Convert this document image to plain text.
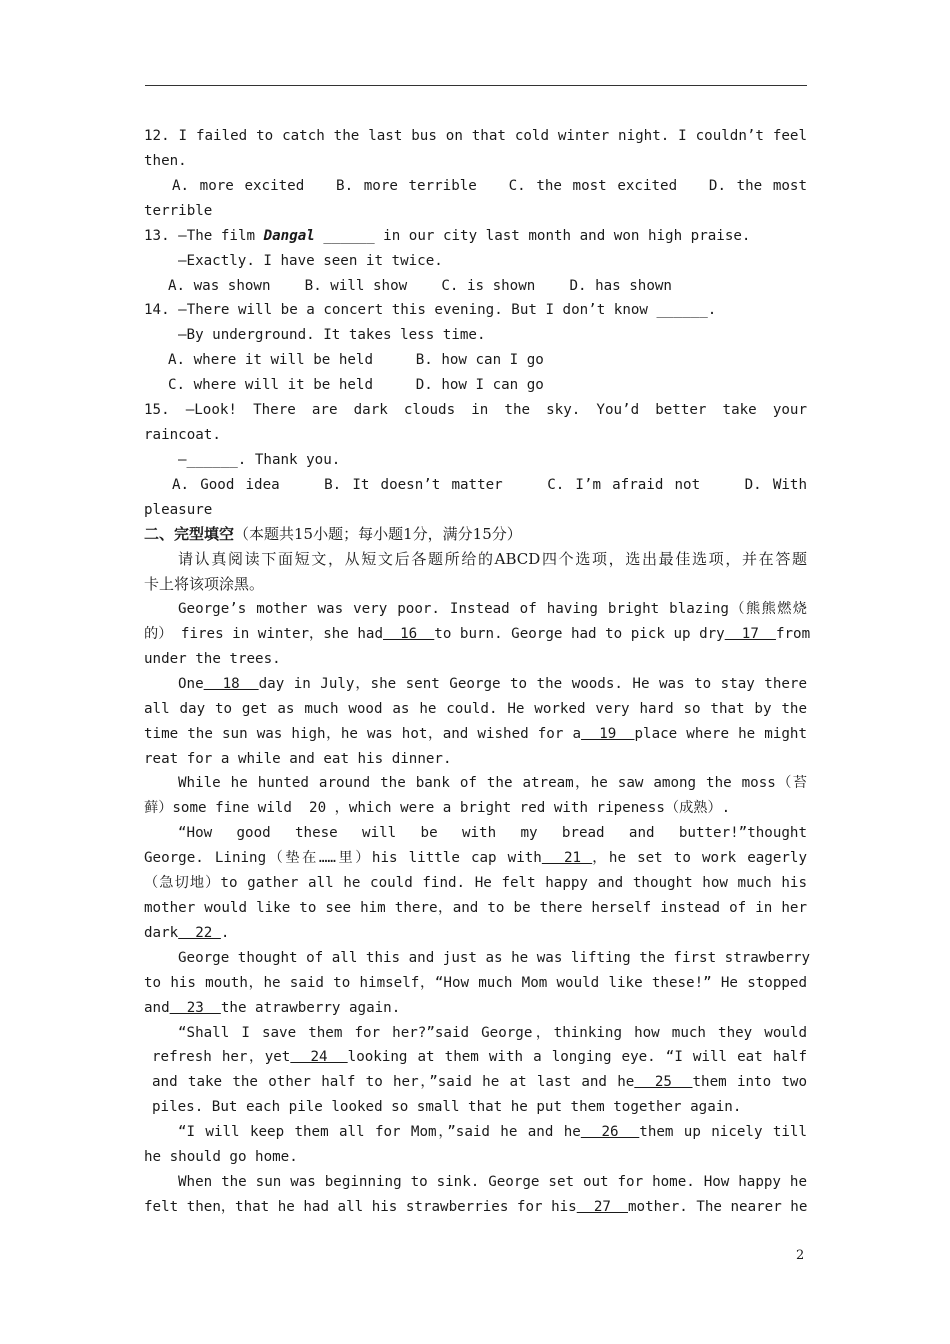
12. I failed to catch the last bus on that cold winter night. I couldn’t feel
then.
A. more excited   B. more terrible   C. the most excited   D. the most
terrible
13. —The film Dangal ______ in our city last month and won high praise.
—Exactly. I have seen it twice.
A. was shown    B. will show    C. is shown    D. has shown
14. —There will be a concert this evening. But I don’t know ______.
—By underground. It takes less time.
A. where it will be held     B. how can I go
C. where will it be held     D. how I can go
15. —Look! There are dark clouds in the sky. You’d better take your
raincoat.
—______. Thank you.
A. Good idea    B. It doesn’t matter    C. I’m afraid not    D. With
pleasure
二、完型填空（本题共15小题；每小题1分，满分15分）
请认真阅读下面短文，从短文后各题所给的ABCD四个选项，选出最佳选项，并在答题
卡上将该项涂黑。
George’s mother was very poor. Instead of having bright blazing（熊熊燃烧
的） fires in winter，she had  16  to burn. George had to pick up dry  17  from
under the trees.
One  18  day in July，she sent George to the woods. He was to stay there
all day to get as much wood as he could. He worked very hard so that by the
time the sun was high，he was hot，and wished for a  19  place where he might
reat for a while and eat his dinner.
While he hunted around the bank of the atream，he saw among the moss（苔
藓）some fine wild  20 ，which were a bright red with ripeness（成熟）.
“How good these will be with my bread and butter!”thought
George. Lining（垫在……里）his little cap with  21 ，he set to work eagerly
（急切地）to gather all he could find. He felt happy and thought how much his
mother would like to see him there，and to be there herself instead of in her
dark  22 .
George thought of all this and just as he was lifting the first strawberry
to his mouth，he said to himself，“How much Mom would like these!” He stopped
and  23  the atrawberry again.
“Shall I save them for her?”said George，thinking how much they would
refresh her，yet  24  looking at them with a longing eye. “I will eat half
and take the other half to her，”said he at last and he  25  them into two
piles. But each pile looked so small that he put them together again.
“I will keep them all for Mom，”said he and he  26  them up nicely till
he should go home.
When the sun was beginning to sink. George set out for home. How happy he
felt then，that he had all his strawberries for his  27  mother. The nearer he
2
